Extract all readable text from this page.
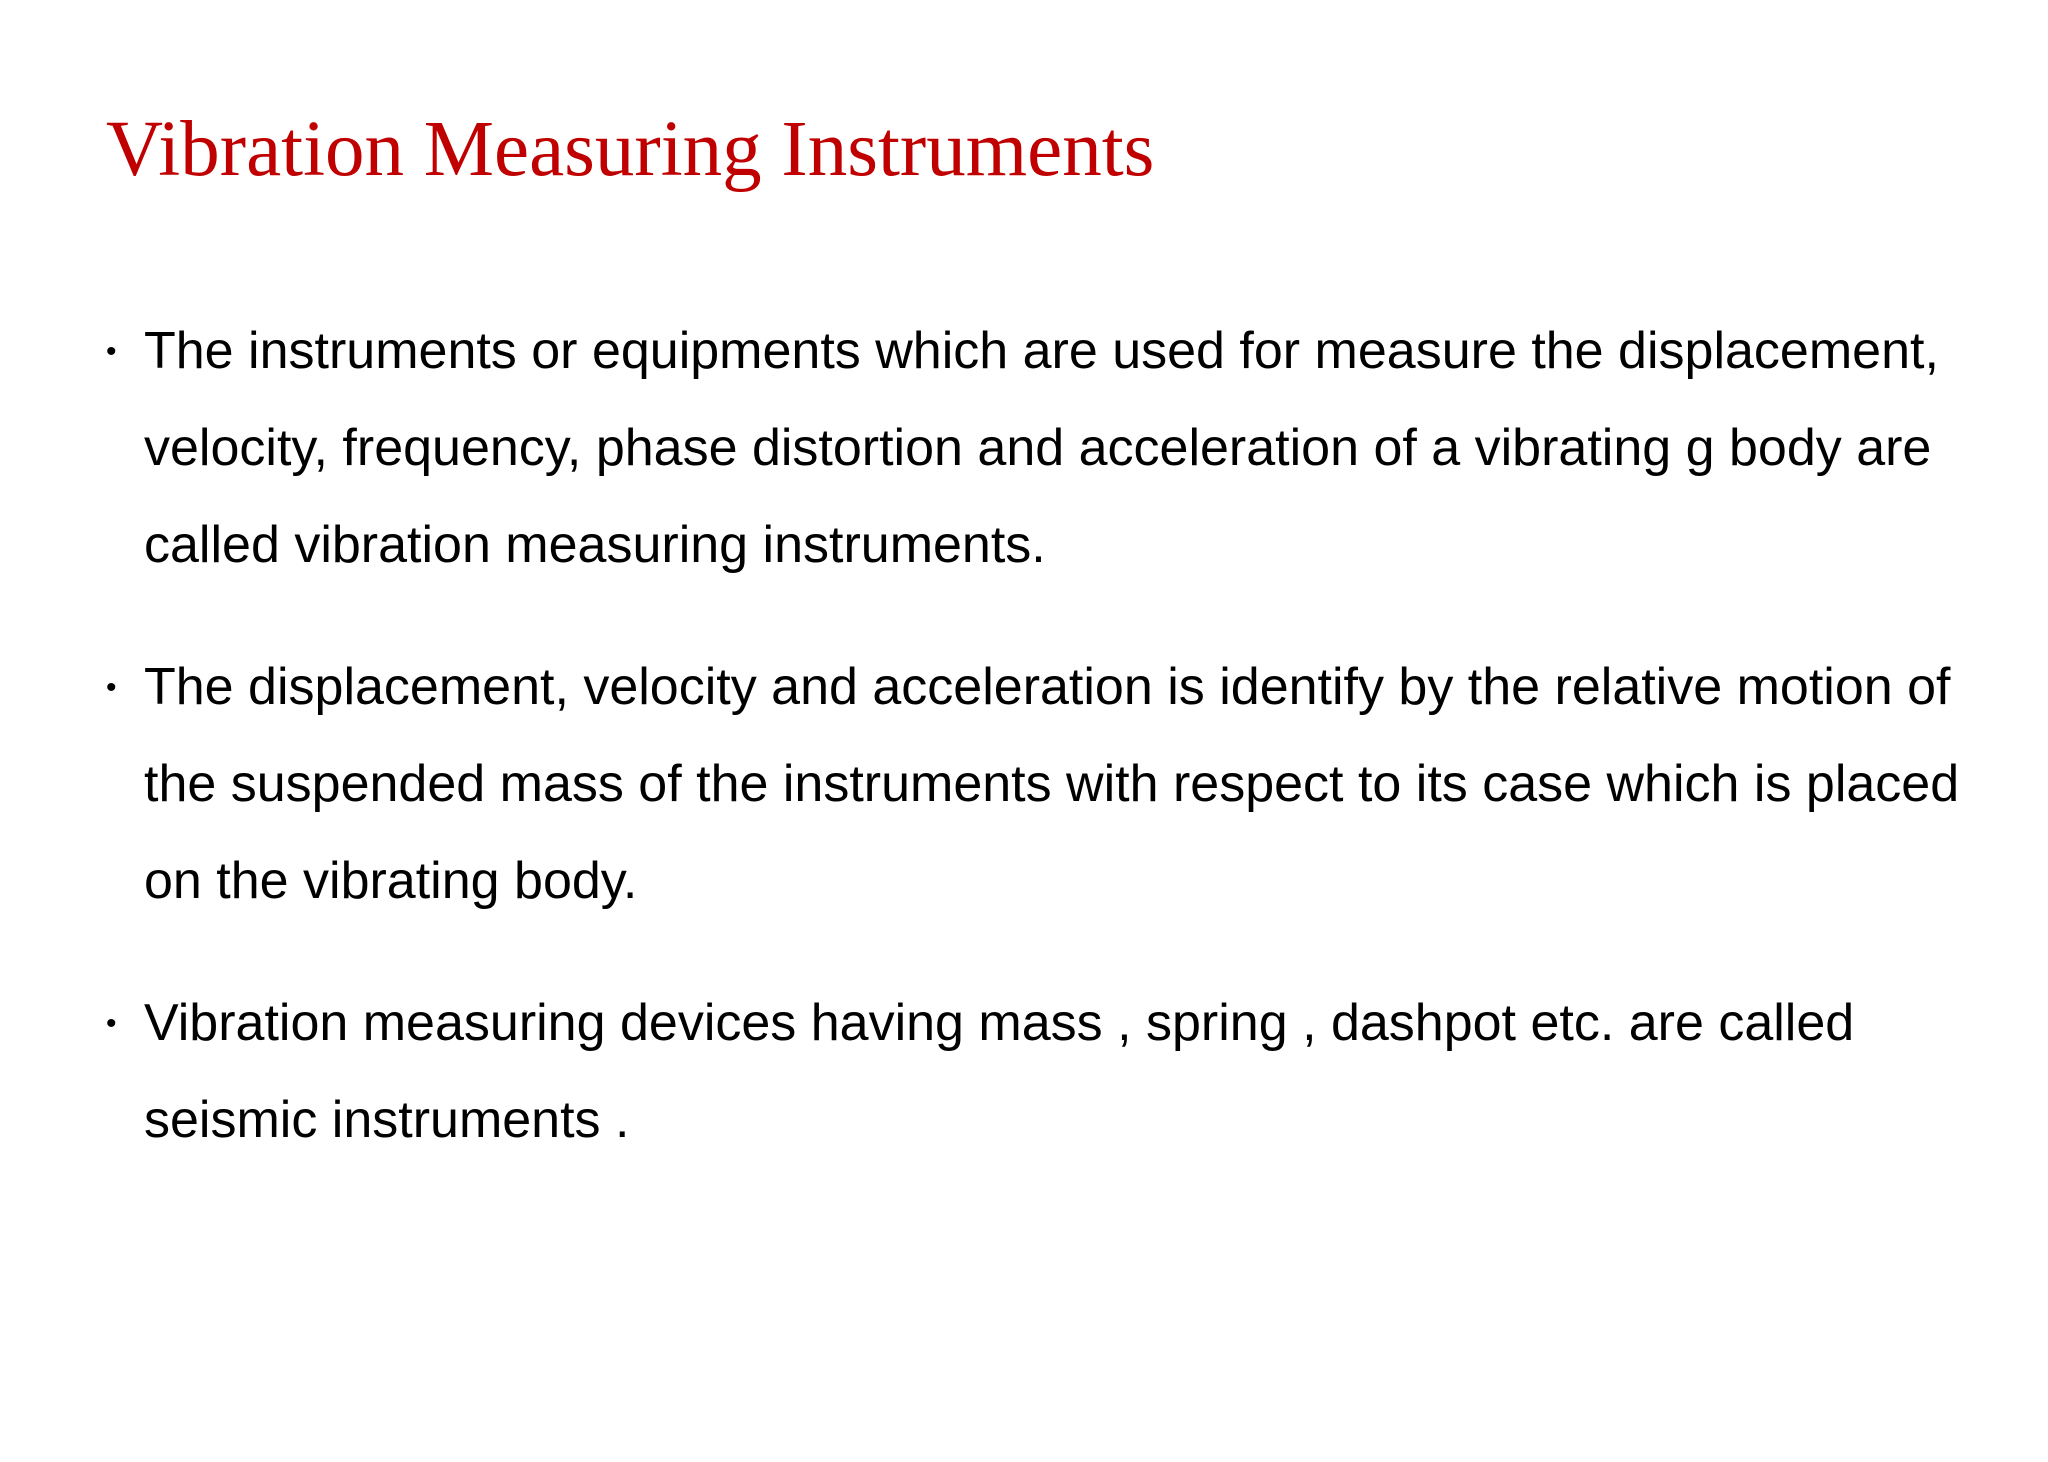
Vibration Measuring Instruments
• The instruments or equipments which are used for measure the displacement, velocity, frequency, phase distortion and acceleration of a vibrating g body are called vibration measuring instruments.
• The displacement, velocity and acceleration is identify by the relative motion of the suspended mass of the instruments with respect to its case which is placed on the vibrating body.
• Vibration measuring devices having mass , spring , dashpot etc. are called seismic instruments .
